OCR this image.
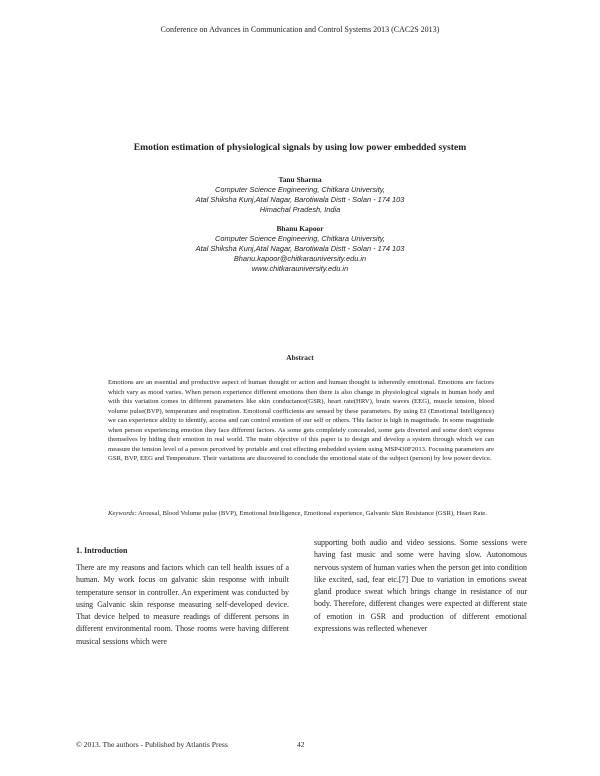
Conference on Advances in Communication and Control Systems 2013 (CAC2S 2013)
Emotion estimation of physiological signals by using low power embedded system
Tanu Sharma
Computer Science Engineering, Chitkara University,
Atal Shiksha Kunj,Atal Nagar, Barotiwala Distt - Solan - 174 103
Himachal Pradesh, India
Bhanu Kapoor
Computer Science Engineering, Chitkara University,
Atal Shiksha Kunj,Atal Nagar, Barotiwala Distt - Solan - 174 103
Bhanu.kapoor@chitkarauniversity.edu.in
www.chitkarauniversity.edu.in
Abstract
Emotions are an essential and productive aspect of human thought or action and human thought is inherently emotional. Emotions are factors which vary as mood varies. When person experience different emotions then there is also change in physiological signals in human body and with this variation comes in different parameters like skin conductance(GSR), heart rate(HRV), brain waves (EEG), muscle tension, blood volume pulse(BVP), temperature and respiration. Emotional coefficients are sensed by these parameters. By using EI (Emotional Intelligence) we can experience ability to identify, access and can control emotion of our self or others. This factor is high in magnitude. In some magnitude when person experiencing emotion they face different factors. As some gets completely concealed, some gets diverted and some don't express themselves by hiding their emotion in real world. The main objective of this paper is to design and develop a system through which we can measure the tension level of a person perceived by portable and cost effecting embedded system using MSP430F2013. Focusing parameters are GSR, BVP, EEG and Temperature. Their variations are discovered to conclude the emotional state of the subject (person) by low power device.
Keywords: Arousal, Blood Volume pulse (BVP), Emotional Intelligence, Emotional experience, Galvanic Skin Resistance (GSR), Heart Rate.
1. Introduction
There are my reasons and factors which can tell health issues of a human. My work focus on galvanic skin response with inbuilt temperature sensor in controller. An experiment was conducted by using Galvanic skin response measuring self-developed device. That device helped to measure readings of different persons in different environmental room. Those rooms were having different musical sessions which were
supporting both audio and video sessions. Some sessions were having fast music and some were having slow. Autonomous nervous system of human varies when the person get into condition like excited, sad, fear etc.[7] Due to variation in emotions sweat gland produce sweat which brings change in resistance of our body. Therefore, different changes were expected at different state of emotion in GSR and production of different emotional expressions was reflected whenever
© 2013. The authors - Published by Atlantis Press	42
